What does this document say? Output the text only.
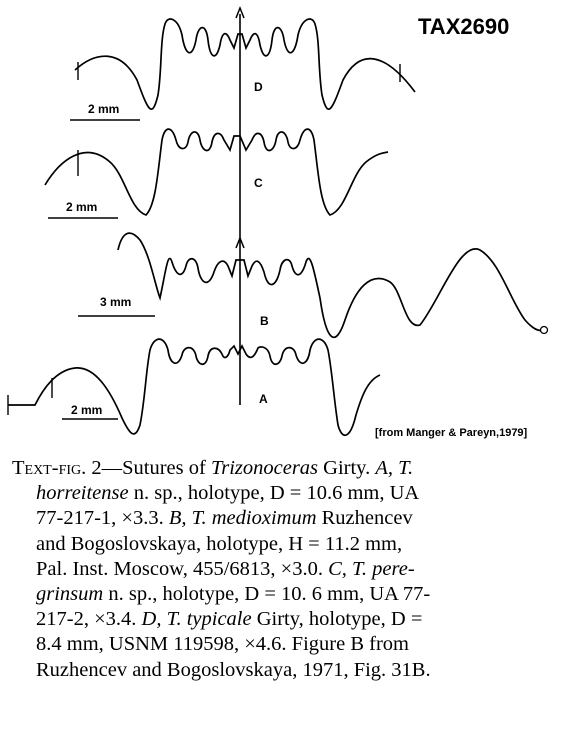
TAX2690
2 mm
2 mm
3 mm
2 mm
D
C
B
A
[from Manger & Pareyn,1979]
Text-fig. 2—Sutures of Trizonoceras Girty. A, T.
horreitense n. sp., holotype, D = 10.6 mm, UA
77-217-1, ×3.3. B, T. medioximum Ruzhencev
and Bogoslovskaya, holotype, H = 11.2 mm,
Pal. Inst. Moscow, 455/6813, ×3.0. C, T. pere-
grinsum n. sp., holotype, D = 10. 6 mm, UA 77-
217-2, ×3.4. D, T. typicale Girty, holotype, D =
8.4 mm, USNM 119598, ×4.6. Figure B from
Ruzhencev and Bogoslovskaya, 1971, Fig. 31B.
